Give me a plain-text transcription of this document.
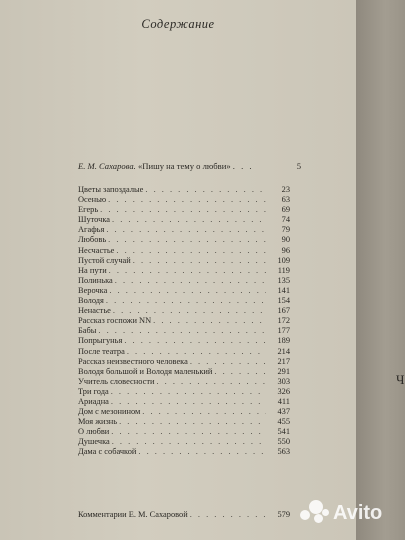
Содержание
Е. М. Сахарова. «Пишу на тему о любви» . . .	5
Цветы запоздалые . . .	23
Осенью . . .	63
Егерь . . .	69
Шуточка . . .	74
Агафья . . .	79
Любовь . . .	90
Несчастье . . .	96
Пустой случай . . .	109
На пути . . .	119
Полинька . . .	135
Верочка . . .	141
Володя . . .	154
Ненастье . . .	167
Рассказ госпожи NN . . .	172
Бабы . . .	177
Попрыгунья . . .	189
После театра . . .	214
Рассказ неизвестного человека . . .	217
Володя большой и Володя маленький . . .	291
Учитель словесности . . .	303
Три года . . .	326
Ариадна . . .	411
Дом с мезонином . . .	437
Моя жизнь . . .	455
О любви . . .	541
Душечка . . .	550
Дама с собачкой . . .	563
Комментарии Е. М. Сахаровой . . .	579
Ч
Avito
